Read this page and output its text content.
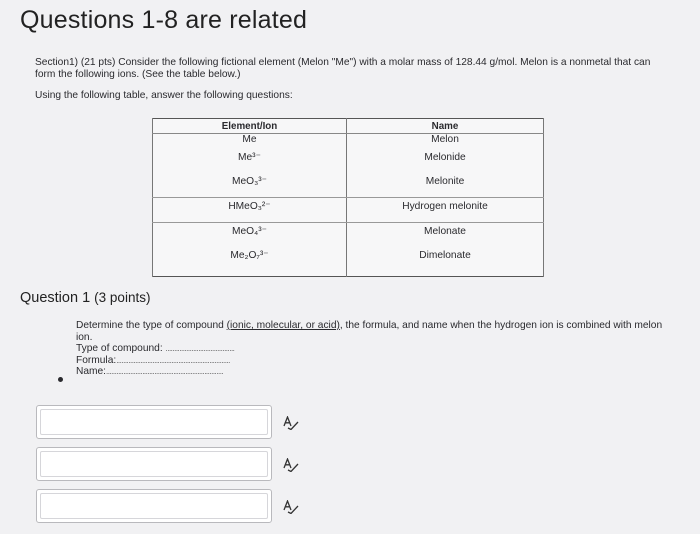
Questions 1-8 are related

Section1) (21 pts) Consider the following fictional element (Melon "Me") with a molar mass of 128.44 g/mol. Melon is a nonmetal that can form the following ions. (See the table below.)

Using the following table, answer the following questions:

Element/Ion	Name
Me	Melon
Me³⁻	Melonide
MeO₃³⁻	Melonite
HMeO₃²⁻	Hydrogen melonite
MeO₄³⁻	Melonate
Me₂O₇³⁻	Dimelonate
Question 1 (3 points)

Determine the type of compound (ionic, molecular, or acid), the formula, and name when the hydrogen ion is combined with melon ion.

Type of compound: ........................................

Formula:..................................................................

Name:....................................................................
